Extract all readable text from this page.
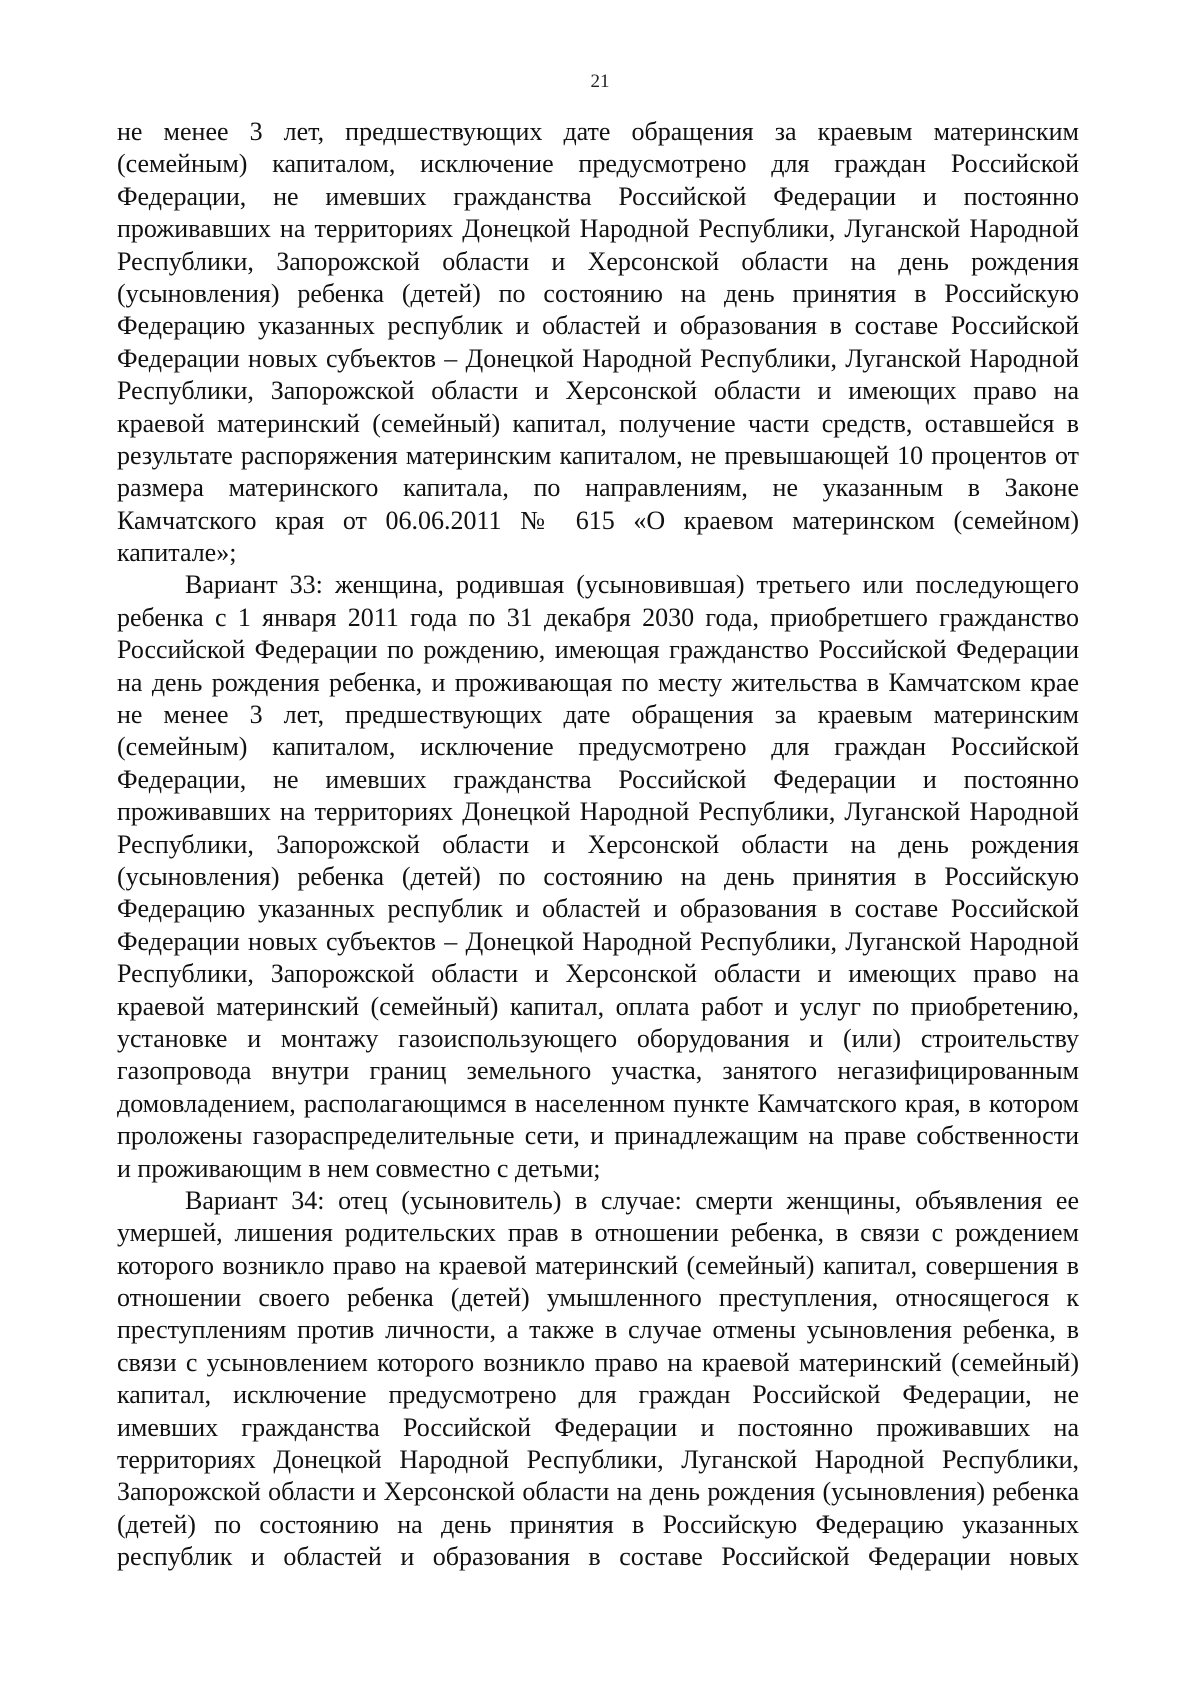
21
не менее 3 лет, предшествующих дате обращения за краевым материнским
(семейным) капиталом, исключение предусмотрено для граждан Российской
Федерации, не имевших гражданства Российской Федерации и постоянно
проживавших на территориях Донецкой Народной Республики, Луганской Народной
Республики, Запорожской области и Херсонской области на день рождения
(усыновления) ребенка (детей) по состоянию на день принятия в Российскую
Федерацию указанных республик и областей и образования в составе Российской
Федерации новых субъектов – Донецкой Народной Республики, Луганской Народной
Республики, Запорожской области и Херсонской области и имеющих право на
краевой материнский (семейный) капитал, получение части средств, оставшейся в
результате распоряжения материнским капиталом, не превышающей 10 процентов от
размера материнского капитала, по направлениям, не указанным в Законе
Камчатского края от 06.06.2011 № 615 «О краевом материнском (семейном)
капитале»;
Вариант 33: женщина, родившая (усыновившая) третьего или последующего
ребенка с 1 января 2011 года по 31 декабря 2030 года, приобретшего гражданство
Российской Федерации по рождению, имеющая гражданство Российской Федерации
на день рождения ребенка, и проживающая по месту жительства в Камчатском крае
не менее 3 лет, предшествующих дате обращения за краевым материнским
(семейным) капиталом, исключение предусмотрено для граждан Российской
Федерации, не имевших гражданства Российской Федерации и постоянно
проживавших на территориях Донецкой Народной Республики, Луганской Народной
Республики, Запорожской области и Херсонской области на день рождения
(усыновления) ребенка (детей) по состоянию на день принятия в Российскую
Федерацию указанных республик и областей и образования в составе Российской
Федерации новых субъектов – Донецкой Народной Республики, Луганской Народной
Республики, Запорожской области и Херсонской области и имеющих право на
краевой материнский (семейный) капитал, оплата работ и услуг по приобретению,
установке и монтажу газоиспользующего оборудования и (или) строительству
газопровода внутри границ земельного участка, занятого негазифицированным
домовладением, располагающимся в населенном пункте Камчатского края, в котором
проложены газораспределительные сети, и принадлежащим на праве собственности
и проживающим в нем совместно с детьми;
Вариант 34: отец (усыновитель) в случае: смерти женщины, объявления ее
умершей, лишения родительских прав в отношении ребенка, в связи с рождением
которого возникло право на краевой материнский (семейный) капитал, совершения в
отношении своего ребенка (детей) умышленного преступления, относящегося к
преступлениям против личности, а также в случае отмены усыновления ребенка, в
связи с усыновлением которого возникло право на краевой материнский (семейный)
капитал, исключение предусмотрено для граждан Российской Федерации, не
имевших гражданства Российской Федерации и постоянно проживавших на
территориях Донецкой Народной Республики, Луганской Народной Республики,
Запорожской области и Херсонской области на день рождения (усыновления) ребенка
(детей) по состоянию на день принятия в Российскую Федерацию указанных
республик и областей и образования в составе Российской Федерации новых
